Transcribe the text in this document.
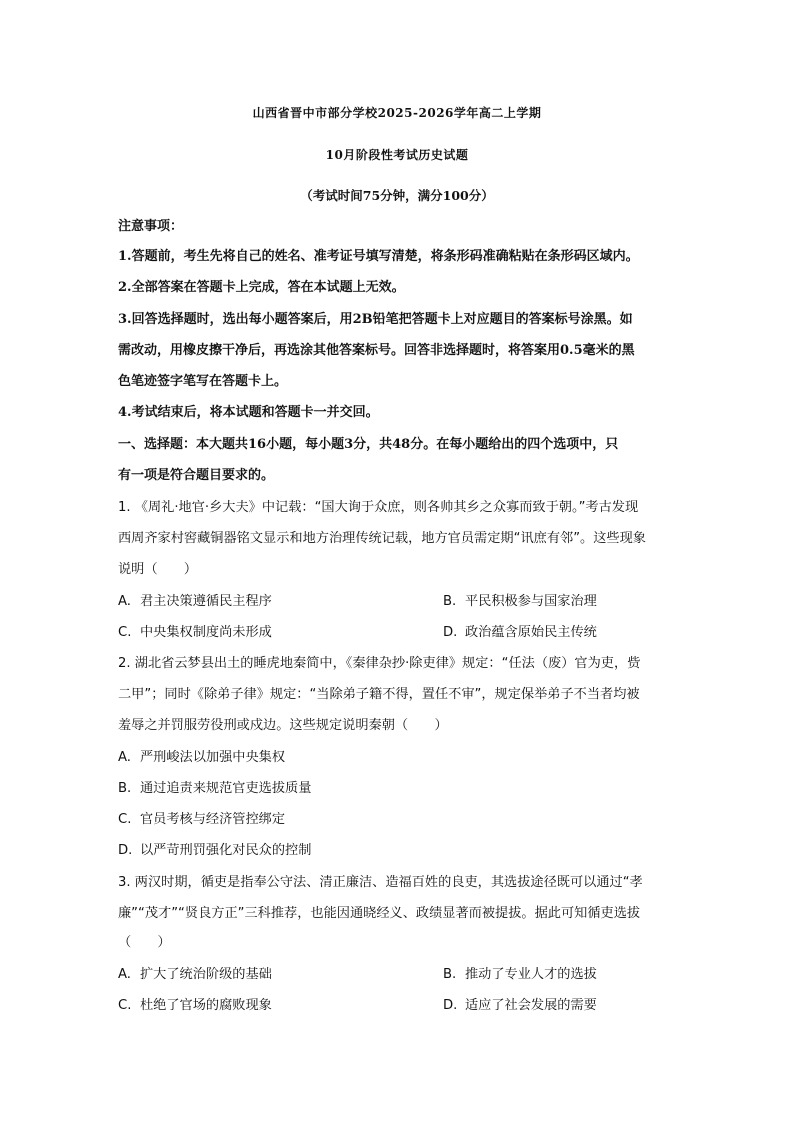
山西省晋中市部分学校2025-2026学年高二上学期
10月阶段性考试历史试题
（考试时间75分钟，满分100分）
注意事项：
1.答题前，考生先将自己的姓名、准考证号填写清楚，将条形码准确粘贴在条形码区域内。
2.全部答案在答题卡上完成，答在本试题上无效。
3.回答选择题时，选出每小题答案后，用2B铅笔把答题卡上对应题目的答案标号涂黑。如
需改动，用橡皮擦干净后，再选涂其他答案标号。回答非选择题时，将答案用0.5毫米的黑
色笔迹签字笔写在答题卡上。
4.考试结束后，将本试题和答题卡一并交回。
一、选择题：本大题共16小题，每小题3分，共48分。在每小题给出的四个选项中，只
有一项是符合题目要求的。
1. 《周礼·地官·乡大夫》中记载：“国大询于众庶，则各帅其乡之众寡而致于朝。”考古发现
西周齐家村窖藏铜器铭文显示和地方治理传统记载，地方官员需定期“讯庶有邻”。这些现象
说明（　　）
A. 君主决策遵循民主程序	B. 平民积极参与国家治理
C. 中央集权制度尚未形成	D. 政治蕴含原始民主传统
2. 湖北省云梦县出土的睡虎地秦简中，《秦律杂抄·除吏律》规定：“任法（废）官为吏，赀
二甲”；同时《除弟子律》规定：“当除弟子籍不得，置任不审”，规定保举弟子不当者均被
羞辱之并罚服劳役刑或戍边。这些规定说明秦朝（　　）
A. 严刑峻法以加强中央集权
B. 通过追责来规范官吏选拔质量
C. 官员考核与经济管控绑定
D. 以严苛刑罚强化对民众的控制
3. 两汉时期，循吏是指奉公守法、清正廉洁、造福百姓的良吏，其选拔途径既可以通过“孝
廉”“茂才”“贤良方正”三科推荐，也能因通晓经义、政绩显著而被提拔。据此可知循吏选拔
（　　）
A. 扩大了统治阶级的基础	B. 推动了专业人才的选拔
C. 杜绝了官场的腐败现象	D. 适应了社会发展的需要
